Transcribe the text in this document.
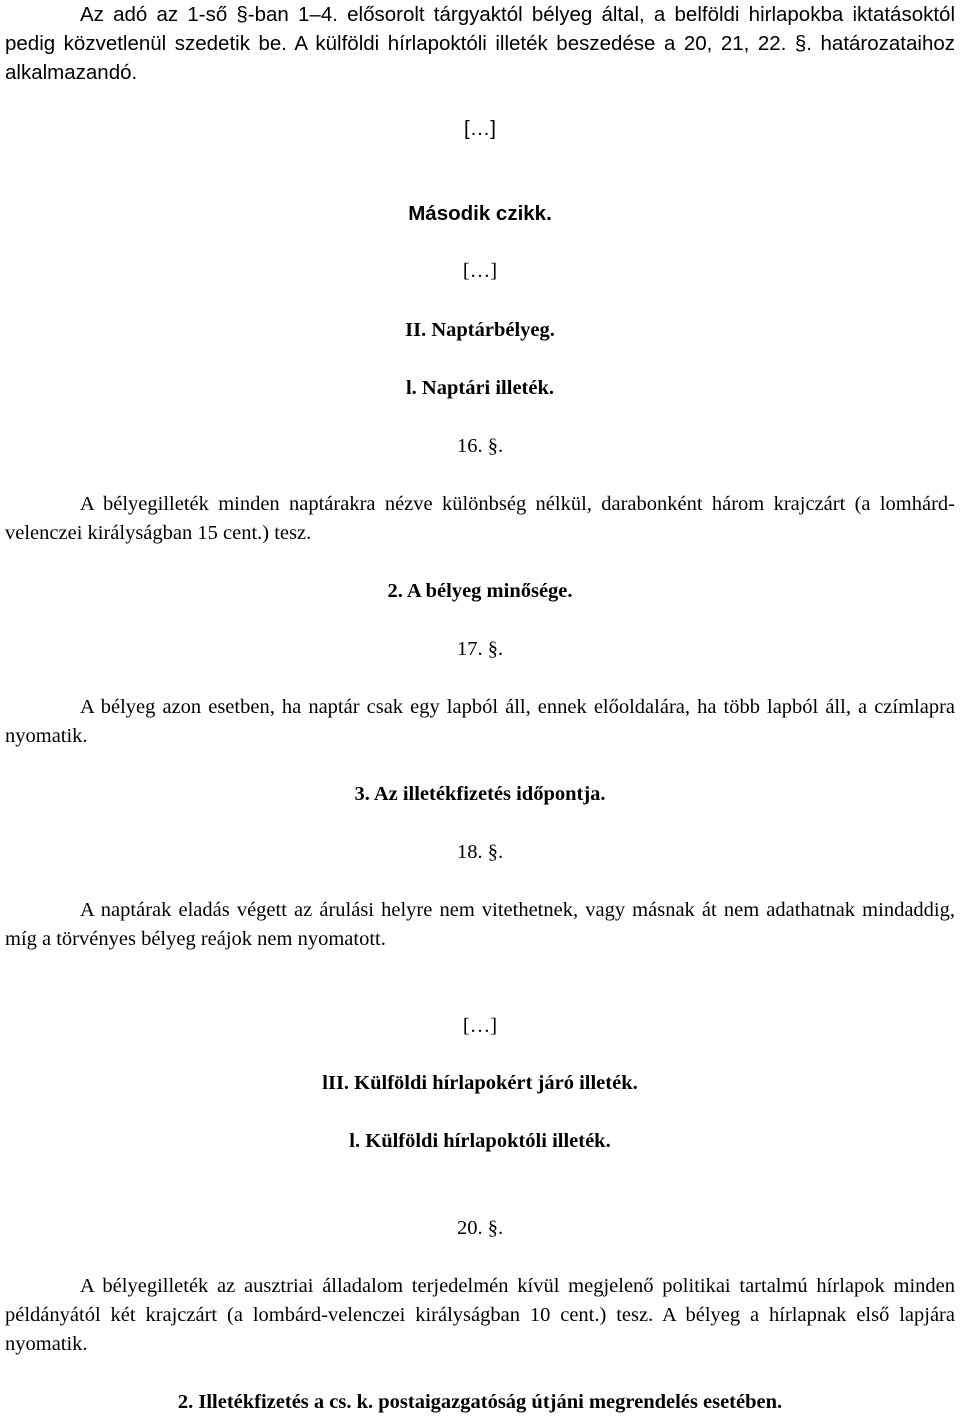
Az adó az 1-ső §-ban 1–4. elősorolt tárgyaktól bélyeg által, a belföldi hirlapokba iktatásoktól pedig közvetlenül szedetik be. A külföldi hírlapoktóli illeték beszedése a 20, 21, 22. §. határozataihoz alkalmazandó.

[…]

Második czikk.

[…]

II. Naptárbélyeg.

l. Naptári illeték.

16. §.

A bélyegilleték minden naptárakra nézve különbség nélkül, darabonként három krajczárt (a lomhárd-velenczei királyságban 15 cent.) tesz.

2. A bélyeg minősége.

17. §.

A bélyeg azon esetben, ha naptár csak egy lapból áll, ennek előoldalára, ha több lapból áll, a czímlapra nyomatik.

3. Az illetékfizetés időpontja.

18. §.

A naptárak eladás végett az árulási helyre nem vitethetnek, vagy másnak át nem adathatnak mindaddig, míg a törvényes bélyeg reájok nem nyomatott.

[…]

lII. Külföldi hírlapokért járó illeték.

l. Külföldi hírlapoktóli illeték.

20. §.

A bélyegilleték az ausztriai álladalom terjedelmén kívül megjelenő politikai tartalmú hírlapok minden példányától két krajczárt (a lombárd-velenczei királyságban 10 cent.) tesz. A bélyeg a hírlapnak első lapjára nyomatik.

2. Illetékfizetés a cs. k. postaigazgatóság útjáni megrendelés esetében.
